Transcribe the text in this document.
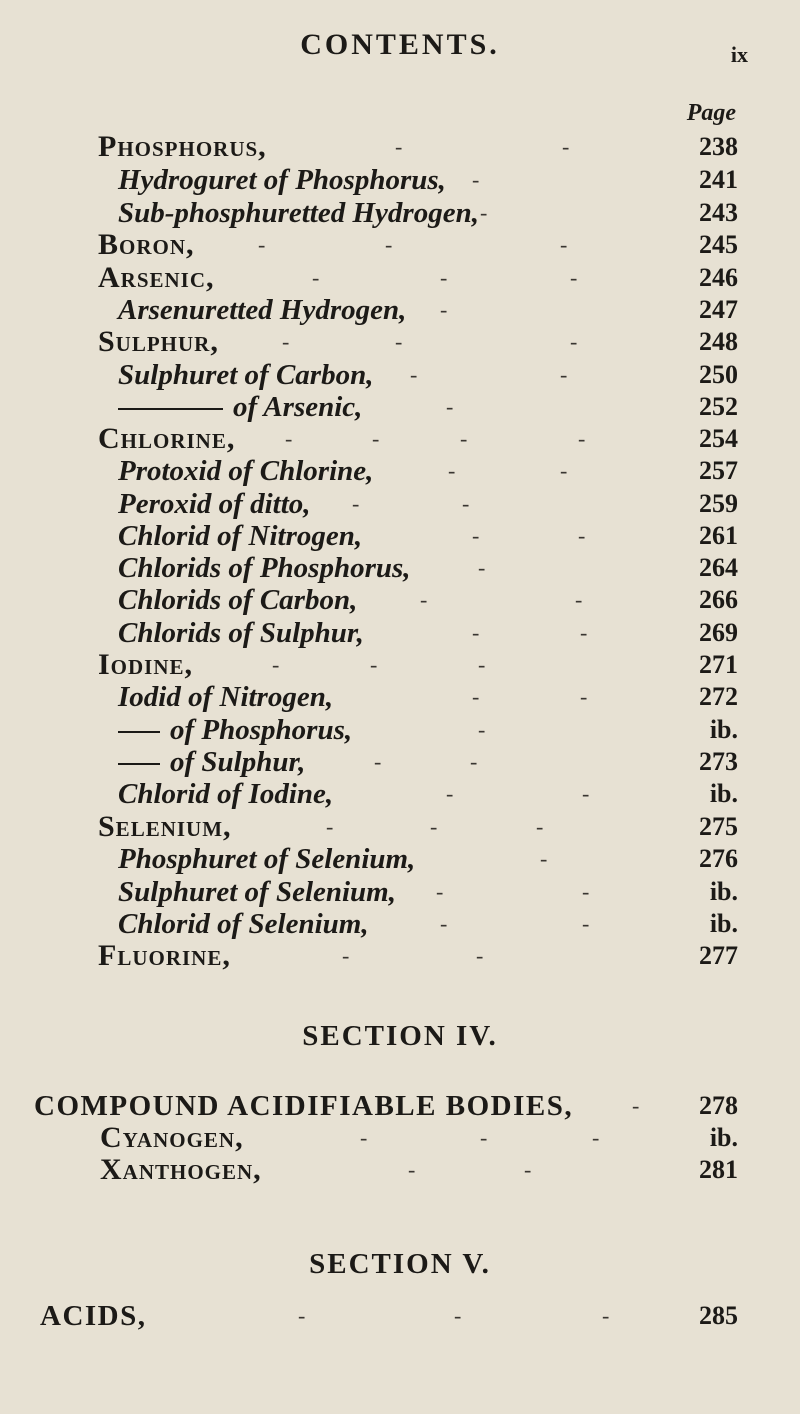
CONTENTS.	ix
Page
Phosphorus,	-	-	238
Hydroguret of Phosphorus, -	241
Sub-phosphuretted Hydrogen, -	243
Boron,	-	-	-	245
Arsenic,	-	-	-	246
Arsenuretted Hydrogen, -	247
Sulphur,	-	-	-	248
Sulphuret of Carbon, -	-	250
of Arsenic,	-	252
Chlorine, -	-	-	-	254
Protoxid of Chlorine,	-	-	257
Peroxid of ditto, -	-	259
Chlorid of Nitrogen,	-	-	261
Chlorids of Phosphorus,	-	264
Chlorids of Carbon,	-	-	266
Chlorids of Sulphur,	-	-	269
Iodine,	-	-	-	271
Iodid of Nitrogen,	-	-	272
of Phosphorus,	-	ib.
of Sulphur,	-	-	273
Chlorid of Iodine,	-	-	ib.
Selenium,	-	-	-	275
Phosphuret of Selenium,	-	276
Sulphuret of Selenium, -	-	ib.
Chlorid of Selenium,	-	-	ib.
Fluorine,	-	-	277
SECTION IV.
COMPOUND ACIDIFIABLE BODIES,	-	278
Cyanogen,	-	-	-	ib.
Xanthogen,	-	-	281
SECTION V.
ACIDS,	-	-	-	285
